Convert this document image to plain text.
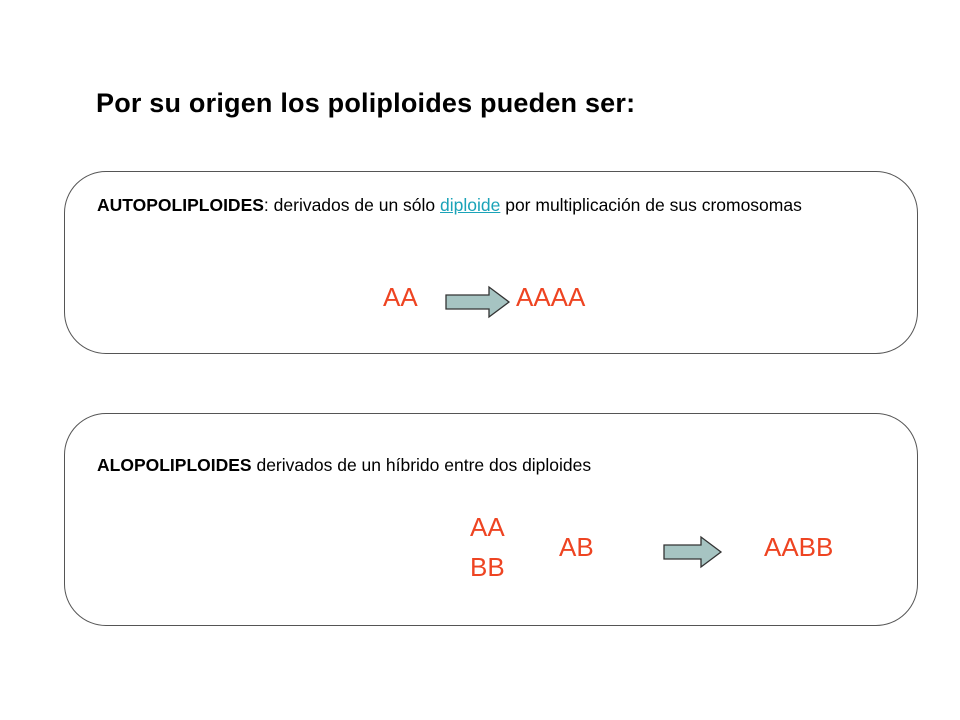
Por su origen los poliploides pueden ser:
AUTOPOLIPLOIDES: derivados de un sólo diploide por multiplicación de sus cromosomas
AA	AAAA
ALOPOLIPLOIDES derivados de un híbrido entre dos diploides
AA
BB
AB	AABB
